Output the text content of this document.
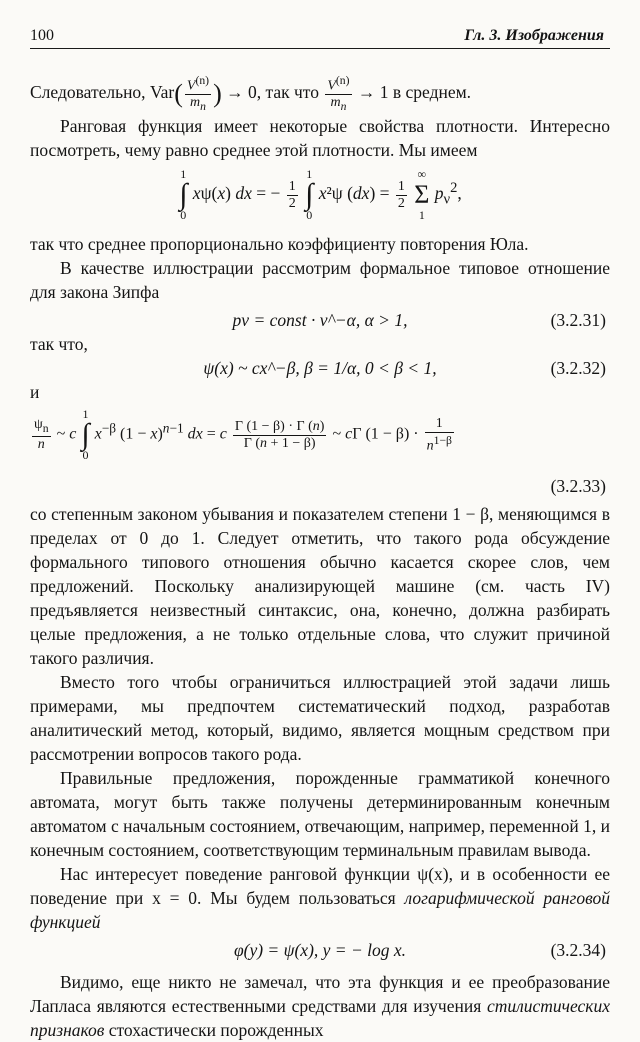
100	Гл. 3. Изображения
Следовательно, $Var( \frac{V^{(n)}}{m_n}$ ) → 0, так что $\frac{V^{(n)}}{m_n} \to 1$ в среднем.

Ранговая функция имеет некоторые свойства плотности. Интересно посмотреть, чему равно среднее этой плотности. Мы имеем

1
∫
0 xψ(x) dx = − $\frac{1}{2}$
1
∫
0 x²ψ $(dx) = \frac{1}{2}$
∞
Σ
1 $p_\nu^2$,

так что среднее пропорционально коэффициенту повторения Юла.

В качестве иллюстрации рассмотрим формальное типовое отношение для закона Зипфа

pν = const · ν^−α, α > 1,	(3.2.31)
так что,
ψ(x) ~ cx^−β, β = 1/α, 0 < β < 1,	(3.2.32)
и
$\frac{\psi_n}{n}$ ~ c 1
∫
0 $x^{-\beta}$ $(1 - x)^{n-1}$ dx = c $\frac{\Gamma (1 - \beta) \cdot \Gamma (n)}{\Gamma (n + 1 - \beta)}$ ~ cΓ $(1 - \beta) \cdot \frac{1}{n^{1-\beta}}$
(3.2.33)

со степенным законом убывания и показателем степени 1 − β, меняющимся в пределах от 0 до 1. Следует отметить, что такого рода обсуждение формального типового отношения обычно касается скорее слов, чем предложений. Поскольку анализирующей машине (см. часть IV) предъявляется неизвестный синтаксис, она, конечно, должна разбирать целые предложения, а не только отдельные слова, что служит причиной такого различия.

Вместо того чтобы ограничиться иллюстрацией этой задачи лишь примерами, мы предпочтем систематический подход, разработав аналитический метод, который, видимо, является мощным средством при рассмотрении вопросов такого рода.

Правильные предложения, порожденные грамматикой конечного автомата, могут быть также получены детерминированным конечным автоматом с начальным состоянием, отвечающим, например, переменной 1, и конечным состоянием, соответствующим терминальным правилам вывода.

Нас интересует поведение ранговой функции ψ(x), и в особенности ее поведение при x = 0. Мы будем пользоваться логарифмической ранговой функцией

φ(y) = ψ(x), y = − log x.	(3.2.34)

Видимо, еще никто не замечал, что эта функция и ее преобразование Лапласа являются естественными средствами для изучения стилистических признаков стохастически порожденных
